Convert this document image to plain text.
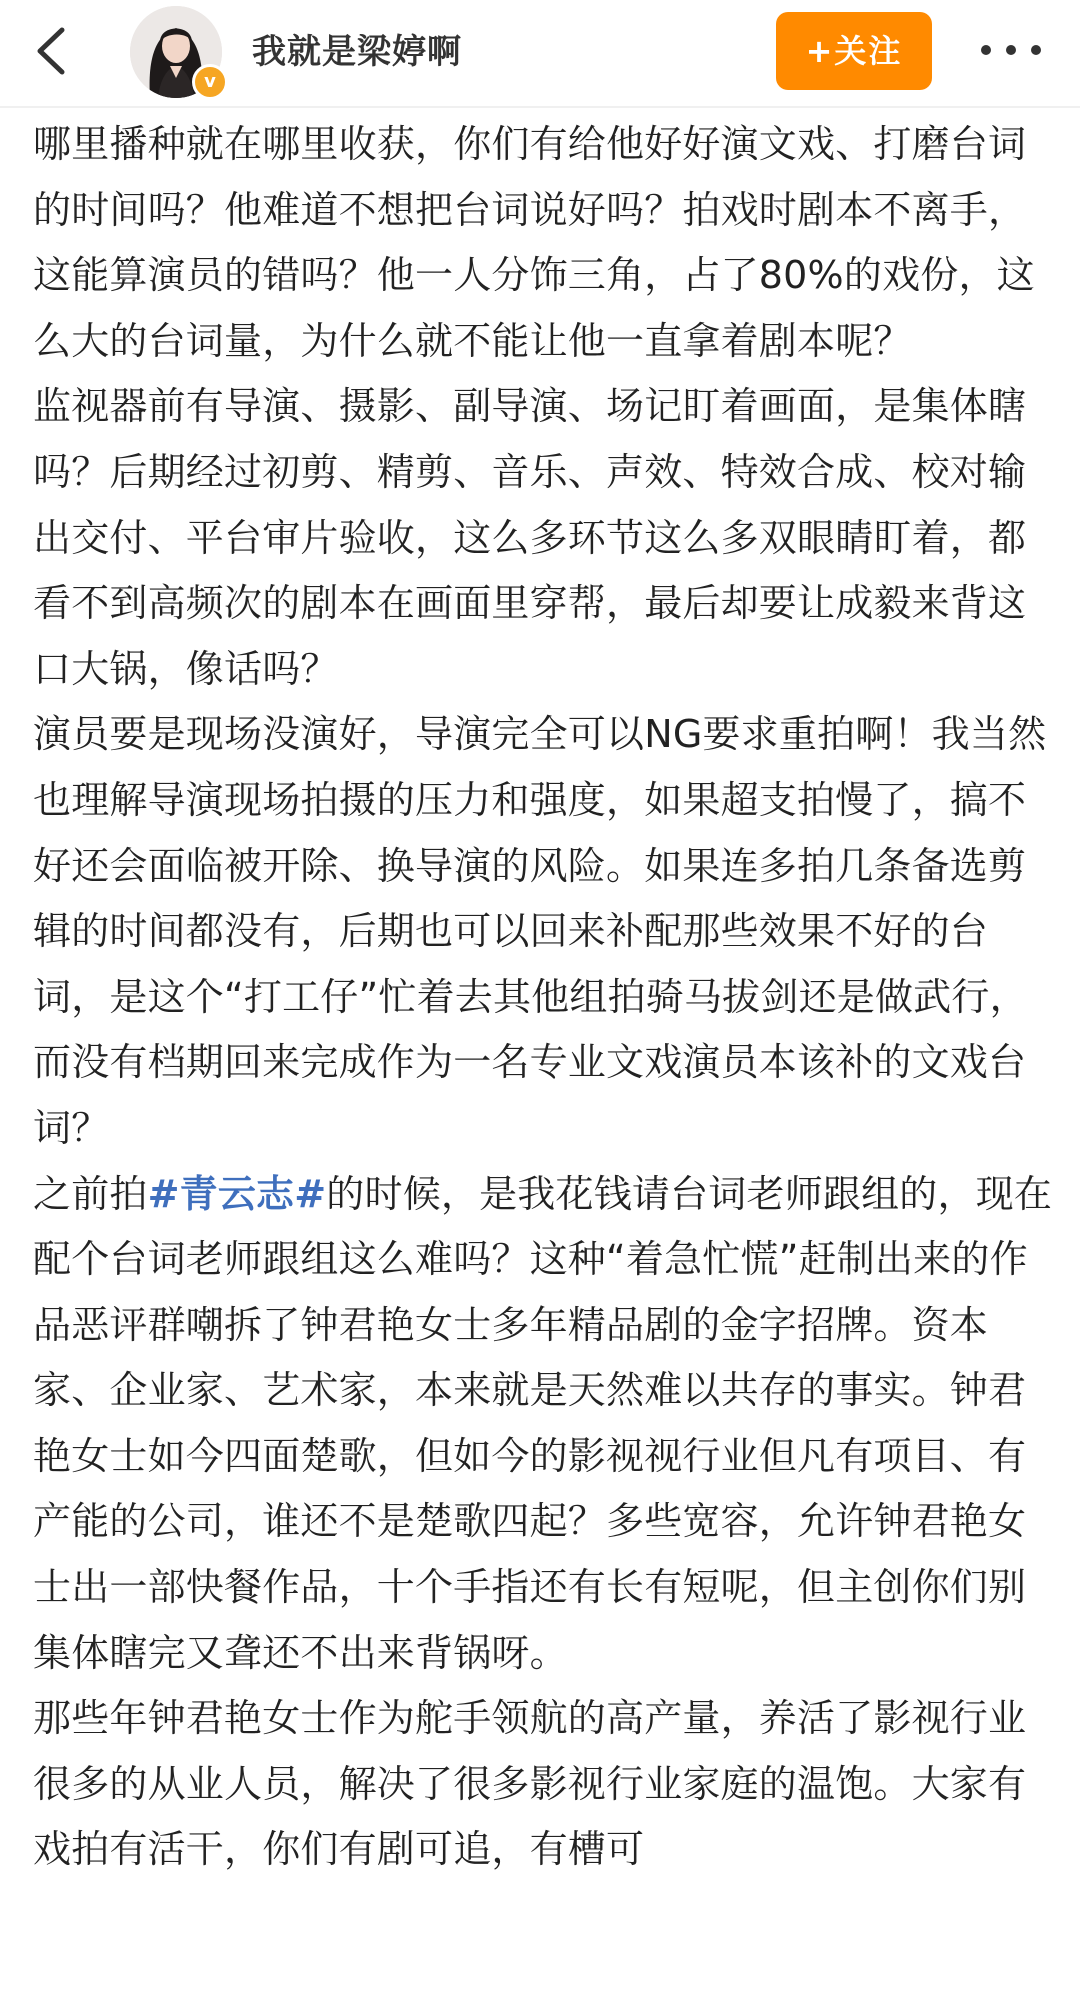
v
我就是梁婷啊	+关注

哪里播种就在哪里收获，你们有给他好好演文戏、打磨台词的时间吗？他难道不想把台词说好吗？拍戏时剧本不离手，这能算演员的错吗？他一人分饰三角，占了80%的戏份，这么大的台词量，为什么就不能让他一直拿着剧本呢？

监视器前有导演、摄影、副导演、场记盯着画面，是集体瞎吗？后期经过初剪、精剪、音乐、声效、特效合成、校对输出交付、平台审片验收，这么多环节这么多双眼睛盯着，都看不到高频次的剧本在画面里穿帮，最后却要让成毅来背这口大锅，像话吗？

演员要是现场没演好，导演完全可以NG要求重拍啊！我当然也理解导演现场拍摄的压力和强度，如果超支拍慢了，搞不好还会面临被开除、换导演的风险。如果连多拍几条备选剪辑的时间都没有，后期也可以回来补配那些效果不好的台词，是这个“打工仔”忙着去其他组拍骑马拔剑还是做武行，而没有档期回来完成作为一名专业文戏演员本该补的文戏台词？

之前拍#青云志#的时候，是我花钱请台词老师跟组的，现在配个台词老师跟组这么难吗？这种“着急忙慌”赶制出来的作品恶评群嘲拆了钟君艳女士多年精品剧的金字招牌。资本家、企业家、艺术家，本来就是天然难以共存的事实。钟君艳女士如今四面楚歌，但如今的影视视行业但凡有项目、有产能的公司，谁还不是楚歌四起？多些宽容，允许钟君艳女士出一部快餐作品，十个手指还有长有短呢，但主创你们别集体瞎完又聋还不出来背锅呀。

那些年钟君艳女士作为舵手领航的高产量，养活了影视行业很多的从业人员，解决了很多影视行业家庭的温饱。大家有戏拍有活干，你们有剧可追，有槽可
